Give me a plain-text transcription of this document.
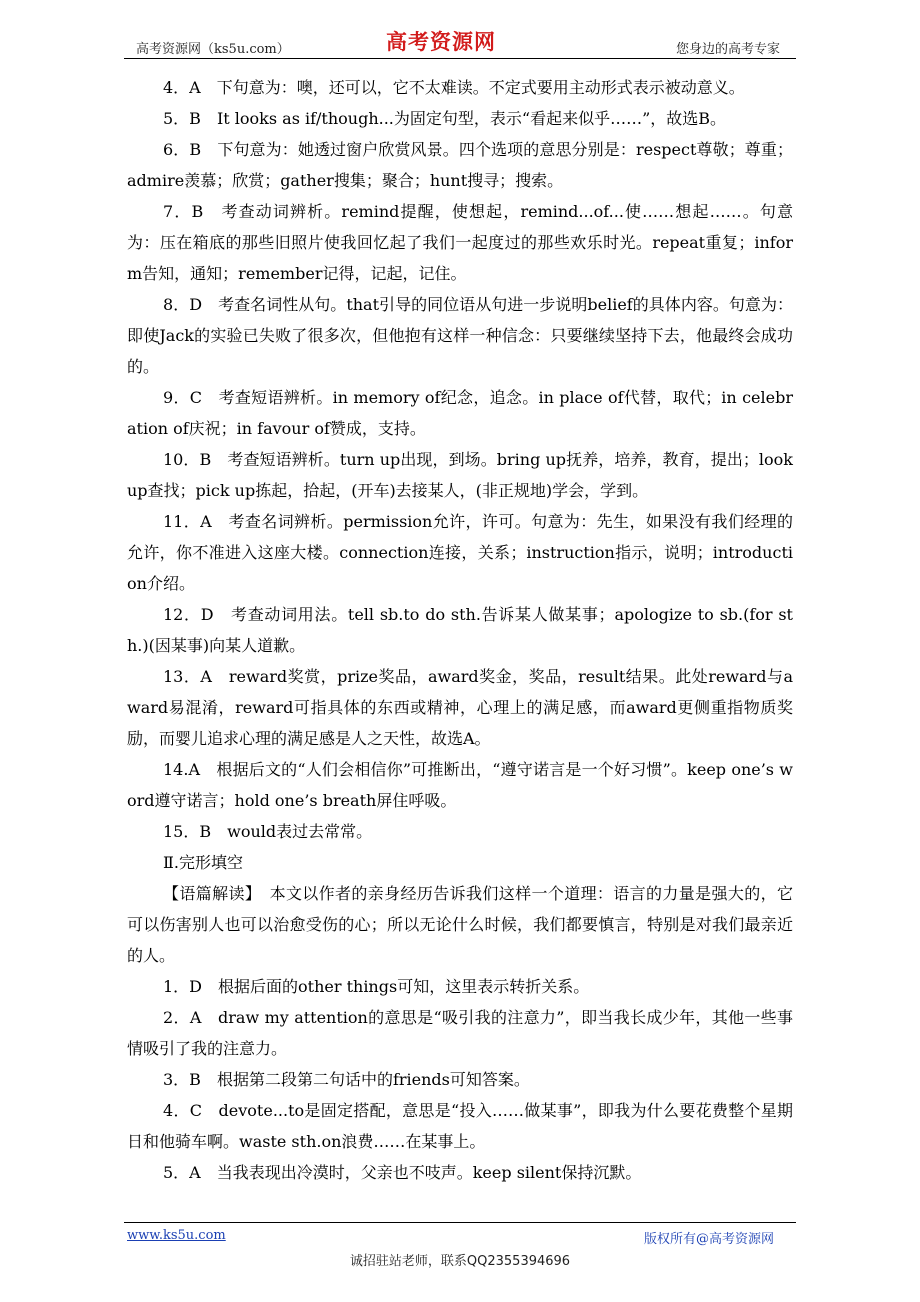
高考资源网（ks5u.com）	高考资源网	您身边的高考专家

4．A　下句意为：噢，还可以，它不太难读。不定式要用主动形式表示被动意义。

5．B　It looks as if/though...为固定句型，表示“看起来似乎……”，故选B。

6．B　下句意为：她透过窗户欣赏风景。四个选项的意思分别是：respect尊敬；尊重；admire羡慕；欣赏；gather搜集；聚合；hunt搜寻；搜索。

7．B　考查动词辨析。remind提醒，使想起，remind...of...使……想起……。句意为：压在箱底的那些旧照片使我回忆起了我们一起度过的那些欢乐时光。repeat重复；inform告知，通知；remember记得，记起，记住。

8．D　考查名词性从句。that引导的同位语从句进一步说明belief的具体内容。句意为：即使Jack的实验已失败了很多次，但他抱有这样一种信念：只要继续坚持下去，他最终会成功的。

9．C　考查短语辨析。in memory of纪念，追念。in place of代替，取代；in celebration of庆祝；in favour of赞成，支持。

10．B　考查短语辨析。turn up出现，到场。bring up抚养，培养，教育，提出；look up查找；pick up拣起，拾起，(开车)去接某人，(非正规地)学会，学到。

11．A　考查名词辨析。permission允许，许可。句意为：先生，如果没有我们经理的允许，你不准进入这座大楼。connection连接，关系；instruction指示，说明；introduction介绍。

12．D　考查动词用法。tell sb.to do sth.告诉某人做某事；apologize to sb.(for sth.)(因某事)向某人道歉。

13．A　reward奖赏，prize奖品，award奖金，奖品，result结果。此处reward与award易混淆，reward可指具体的东西或精神，心理上的满足感，而award更侧重指物质奖励，而婴儿追求心理的满足感是人之天性，故选A。

14.A　根据后文的“人们会相信你”可推断出，“遵守诺言是一个好习惯”。keep one’s word遵守诺言；hold one’s breath屏住呼吸。

15．B　would表过去常常。

Ⅱ.完形填空

【语篇解读】　本文以作者的亲身经历告诉我们这样一个道理：语言的力量是强大的，它可以伤害别人也可以治愈受伤的心；所以无论什么时候，我们都要慎言，特别是对我们最亲近的人。

1．D　根据后面的other things可知，这里表示转折关系。

2．A　draw my attention的意思是“吸引我的注意力”，即当我长成少年，其他一些事情吸引了我的注意力。

3．B　根据第二段第二句话中的friends可知答案。

4．C　devote...to是固定搭配，意思是“投入……做某事”，即我为什么要花费整个星期日和他骑车啊。waste sth.on浪费……在某事上。

5．A　当我表现出冷漠时，父亲也不吱声。keep silent保持沉默。

www.ks5u.com	版权所有@高考资源网
诚招驻站老师，联系QQ2355394696
